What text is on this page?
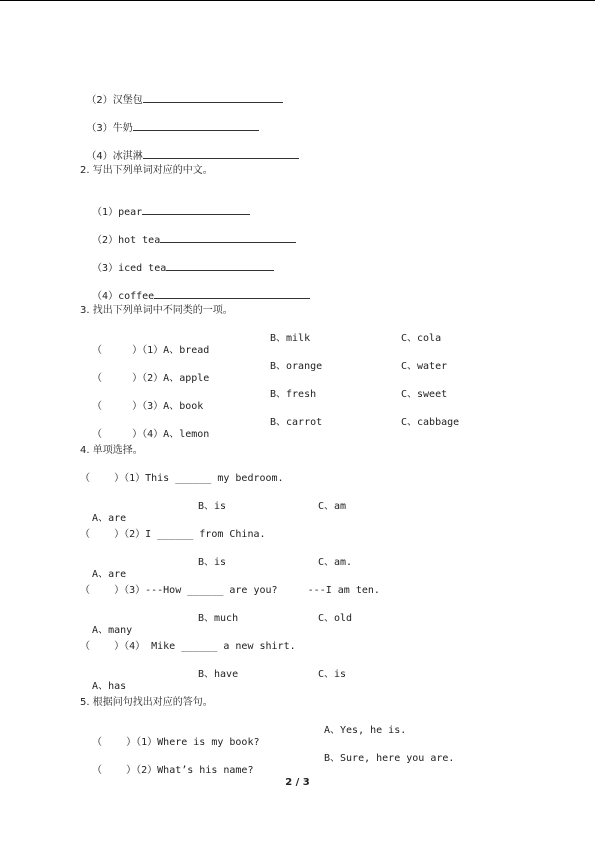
（2）汉堡包

（3）牛奶

（4）冰淇淋

2. 写出下列单词对应的中文。

（1）pear

（2）hot tea

（3）iced tea

（4）coffee

3. 找出下列单词中不同类的一项。

（     ）（1）A、bread

B、milk

	C、cola

（     ）（2）A、apple

B、orange

	C、water

（     ）（3）A、book

B、fresh

	C、sweet

（     ）（4）A、lemon

B、carrot

	C、cabbage

4. 单项选择。
（    ）（1）This ______ my bedroom.

A、are

B、is

	C、am

（    ）（2）I ______ from China.

A、are

B、is

	C、am.

（    ）（3）---How ______ are you?     ---I am ten.

A、many

B、much

	C、old

（    ）（4） Mike ______ a new shirt.

A、has

B、have

	C、is

5. 根据问句找出对应的答句。

（    ）（1）Where is my book?

A、Yes, he is.

（    ）（2）What’s his name?

B、Sure, here you are.

2 / 3
